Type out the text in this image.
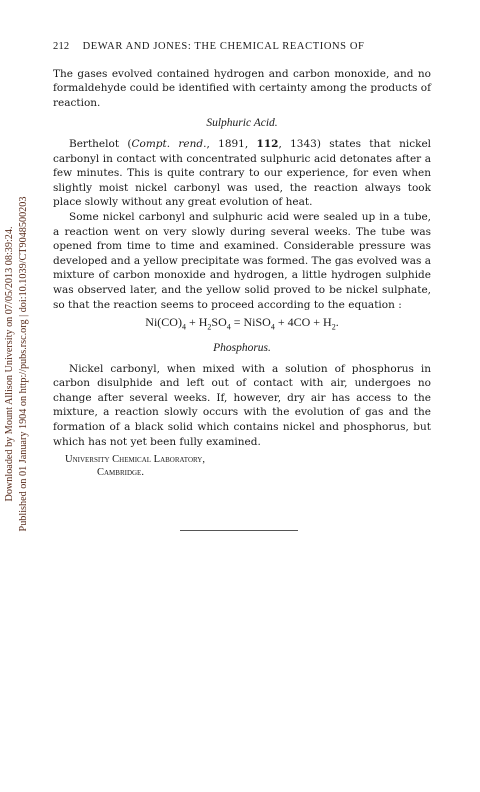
Downloaded by Mount Allison University on 07/05/2013 08:39:24. Published on 01 January 1904 on http://pubs.rsc.org | doi:10.1039/CT9048500203
212 DEWAR AND JONES: THE CHEMICAL REACTIONS OF

The gases evolved contained hydrogen and carbon monoxide, and no formaldehyde could be identified with certainty among the products of reaction.

Sulphuric Acid.

Berthelot (Compt. rend., 1891, 112, 1343) states that nickel carbonyl in contact with concentrated sulphuric acid detonates after a few minutes. This is quite contrary to our experience, for even when slightly moist nickel carbonyl was used, the reaction always took place slowly without any great evolution of heat.

Some nickel carbonyl and sulphuric acid were sealed up in a tube, a reaction went on very slowly during several weeks. The tube was opened from time to time and examined. Considerable pressure was developed and a yellow precipitate was formed. The gas evolved was a mixture of carbon monoxide and hydrogen, a little hydrogen sulphide was observed later, and the yellow solid proved to be nickel sulphate, so that the reaction seems to proceed according to the equation :

$Ni(CO)_4 + H_2SO_4$ = NiSO$_4$ + $4CO + H_2$.
Phosphorus.

Nickel carbonyl, when mixed with a solution of phosphorus in carbon disulphide and left out of contact with air, undergoes no change after several weeks. If, however, dry air has access to the mixture, a reaction slowly occurs with the evolution of gas and the formation of a black solid which contains nickel and phosphorus, but which has not yet been fully examined.

University Chemical Laboratory,
Cambridge.
